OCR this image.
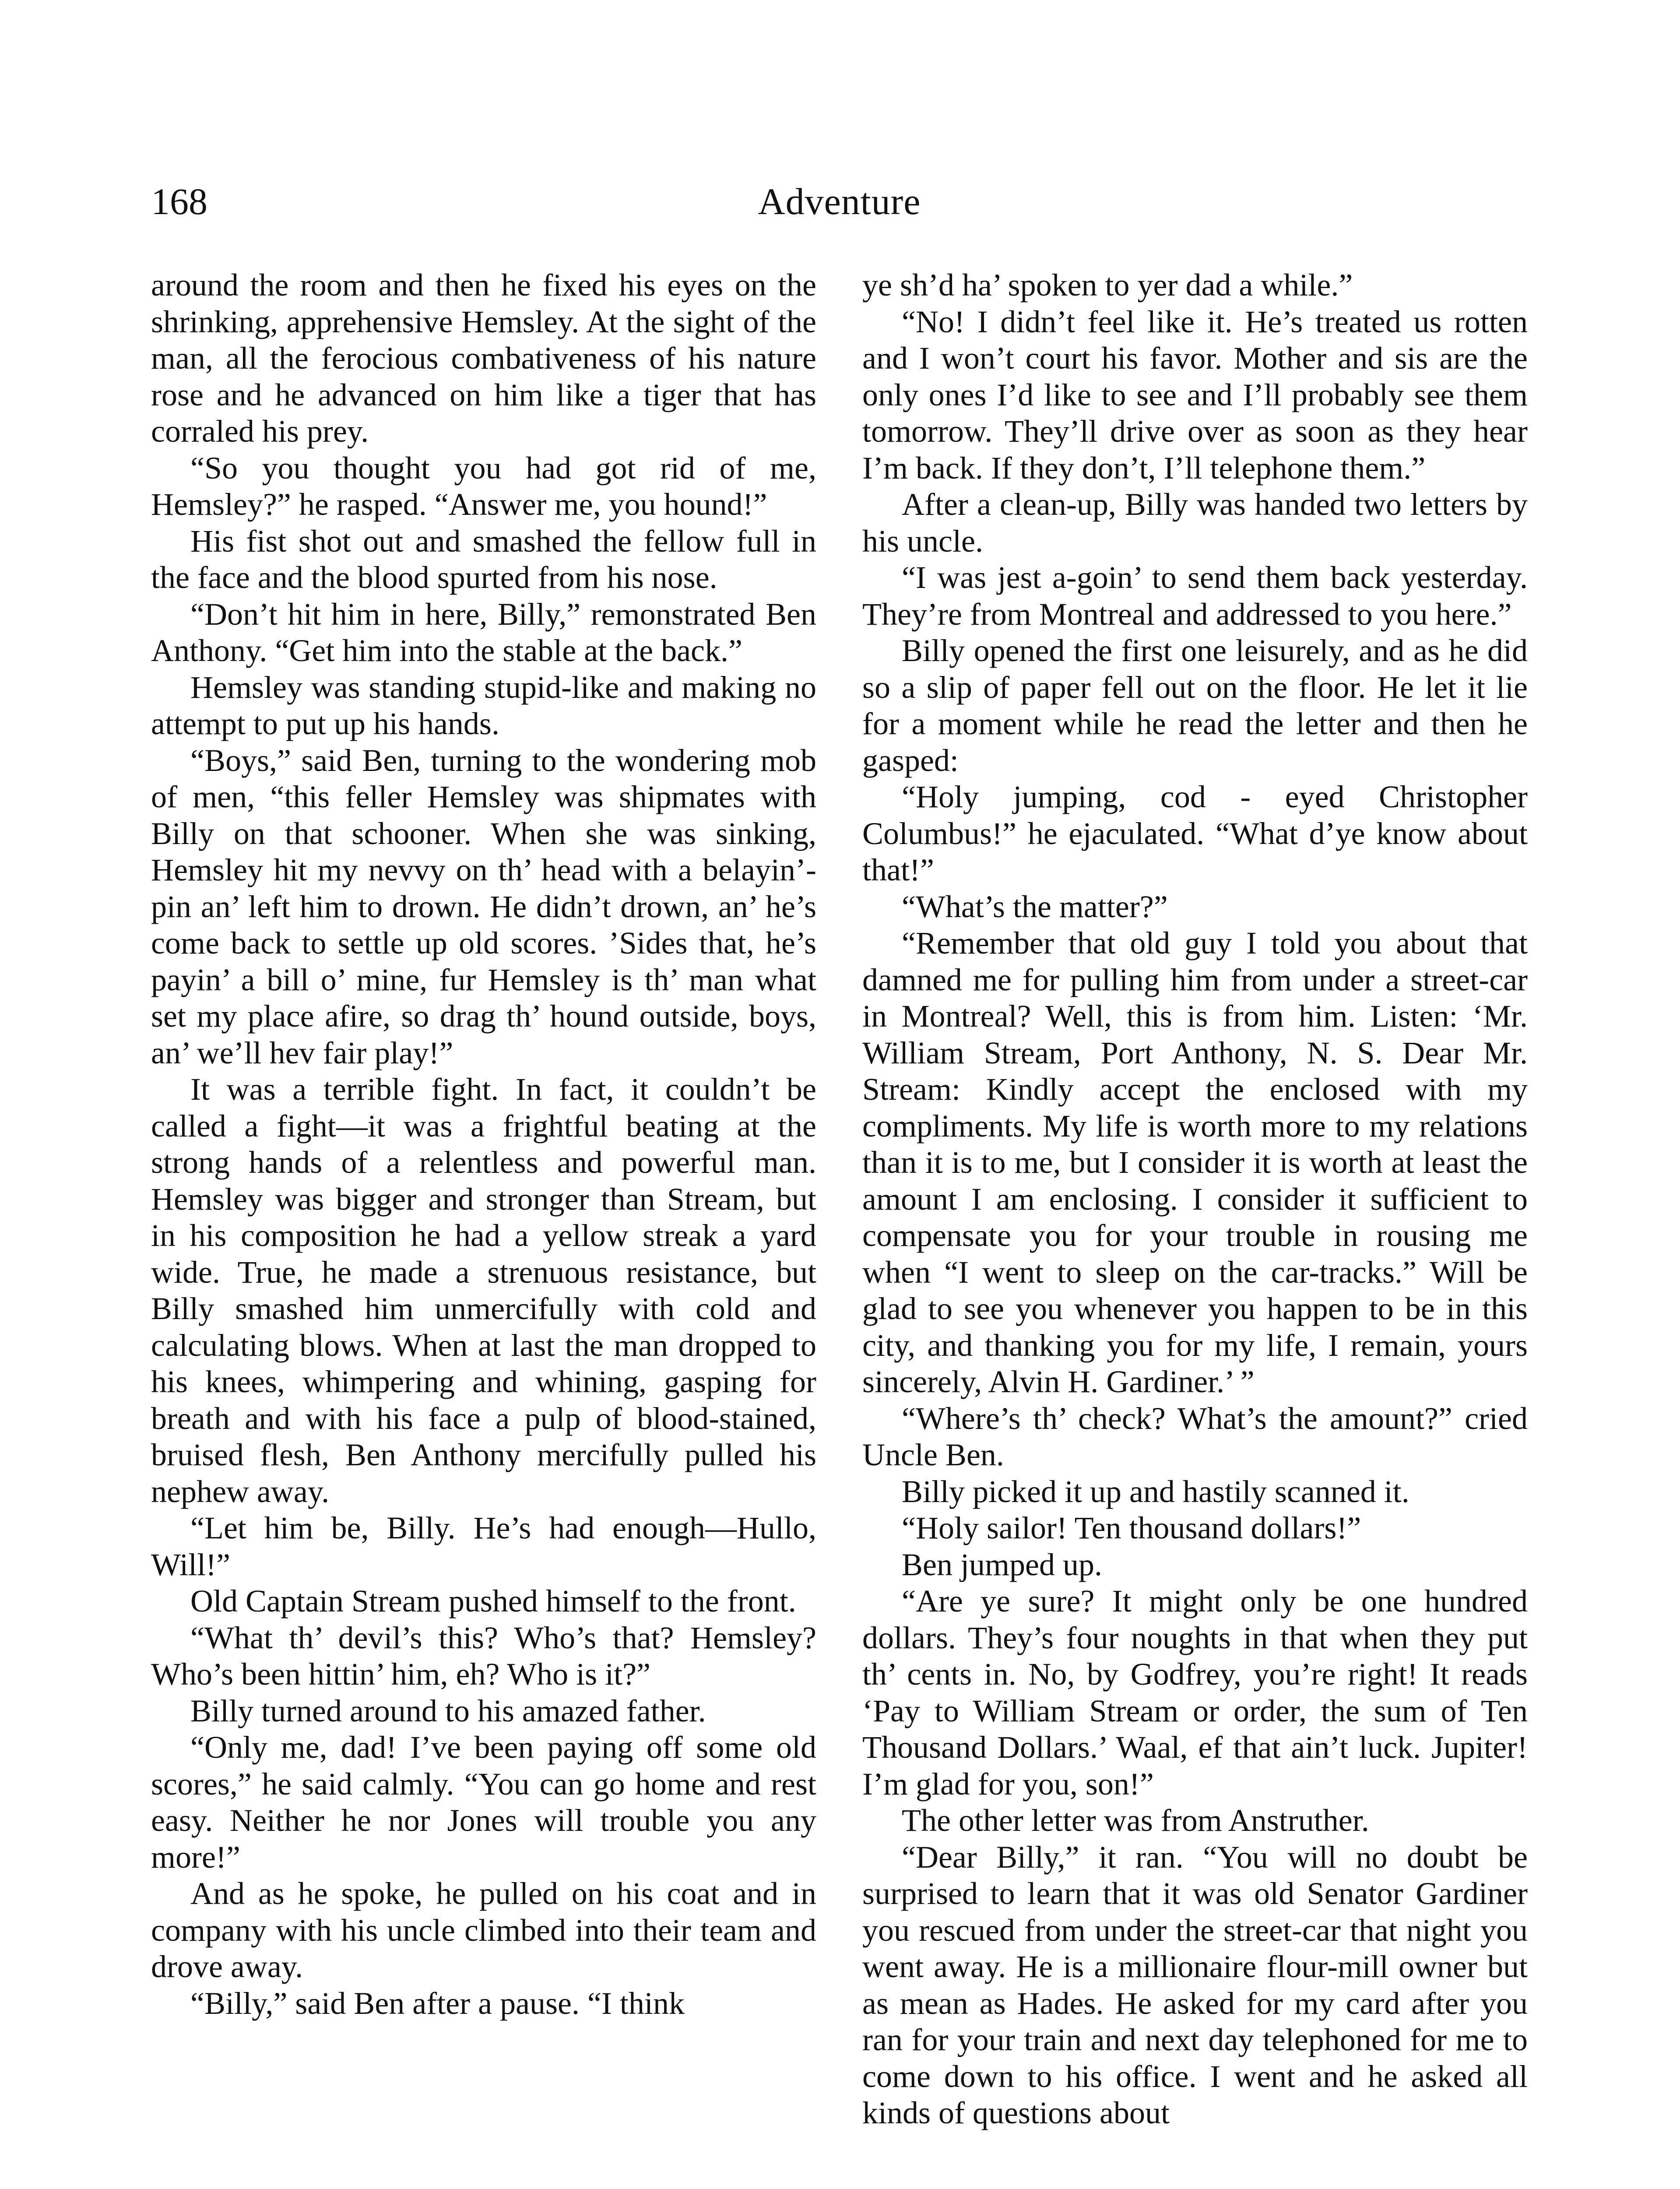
168	Adventure

around the room and then he fixed his eyes on the shrinking, apprehensive Hemsley. At the sight of the man, all the ferocious combativeness of his nature rose and he advanced on him like a tiger that has corraled his prey.

“So you thought you had got rid of me, Hemsley?” he rasped. “Answer me, you hound!”

His fist shot out and smashed the fellow full in the face and the blood spurted from his nose.

“Don’t hit him in here, Billy,” remonstrated Ben Anthony. “Get him into the stable at the back.”

Hemsley was standing stupid-like and making no attempt to put up his hands.

“Boys,” said Ben, turning to the wondering mob of men, “this feller Hemsley was shipmates with Billy on that schooner. When she was sinking, Hemsley hit my nevvy on th’ head with a belayin’-pin an’ left him to drown. He didn’t drown, an’ he’s come back to settle up old scores. ’Sides that, he’s payin’ a bill o’ mine, fur Hemsley is th’ man what set my place afire, so drag th’ hound outside, boys, an’ we’ll hev fair play!”

It was a terrible fight. In fact, it couldn’t be called a fight—it was a frightful beating at the strong hands of a relentless and powerful man. Hemsley was bigger and stronger than Stream, but in his composition he had a yellow streak a yard wide. True, he made a strenuous resistance, but Billy smashed him unmercifully with cold and calculating blows. When at last the man dropped to his knees, whimpering and whining, gasping for breath and with his face a pulp of blood-stained, bruised flesh, Ben Anthony mercifully pulled his nephew away.

“Let him be, Billy. He’s had enough—Hullo, Will!”

Old Captain Stream pushed himself to the front.

“What th’ devil’s this? Who’s that? Hemsley? Who’s been hittin’ him, eh? Who is it?”

Billy turned around to his amazed father.

“Only me, dad! I’ve been paying off some old scores,” he said calmly. “You can go home and rest easy. Neither he nor Jones will trouble you any more!”

And as he spoke, he pulled on his coat and in company with his uncle climbed into their team and drove away.

“Billy,” said Ben after a pause. “I think

ye sh’d ha’ spoken to yer dad a while.”

“No! I didn’t feel like it. He’s treated us rotten and I won’t court his favor. Mother and sis are the only ones I’d like to see and I’ll probably see them tomorrow. They’ll drive over as soon as they hear I’m back. If they don’t, I’ll telephone them.”

After a clean-up, Billy was handed two letters by his uncle.

“I was jest a-goin’ to send them back yesterday. They’re from Montreal and addressed to you here.”

Billy opened the first one leisurely, and as he did so a slip of paper fell out on the floor. He let it lie for a moment while he read the letter and then he gasped:

“Holy jumping, cod - eyed Christopher Columbus!” he ejaculated. “What d’ye know about that!”

“What’s the matter?”

“Remember that old guy I told you about that damned me for pulling him from under a street-car in Montreal? Well, this is from him. Listen: ‘Mr. William Stream, Port Anthony, N. S. Dear Mr. Stream: Kindly accept the enclosed with my compliments. My life is worth more to my relations than it is to me, but I consider it is worth at least the amount I am enclosing. I consider it sufficient to compensate you for your trouble in rousing me when “I went to sleep on the car-tracks.” Will be glad to see you whenever you happen to be in this city, and thanking you for my life, I remain, yours sincerely, Alvin H. Gardiner.’ ”

“Where’s th’ check? What’s the amount?” cried Uncle Ben.

Billy picked it up and hastily scanned it.

“Holy sailor! Ten thousand dollars!”

Ben jumped up.

“Are ye sure? It might only be one hundred dollars. They’s four noughts in that when they put th’ cents in. No, by Godfrey, you’re right! It reads ‘Pay to William Stream or order, the sum of Ten Thousand Dollars.’ Waal, ef that ain’t luck. Jupiter! I’m glad for you, son!”

The other letter was from Anstruther.

“Dear Billy,” it ran. “You will no doubt be surprised to learn that it was old Senator Gardiner you rescued from under the street-car that night you went away. He is a millionaire flour-mill owner but as mean as Hades. He asked for my card after you ran for your train and next day telephoned for me to come down to his office. I went and he asked all kinds of questions about
